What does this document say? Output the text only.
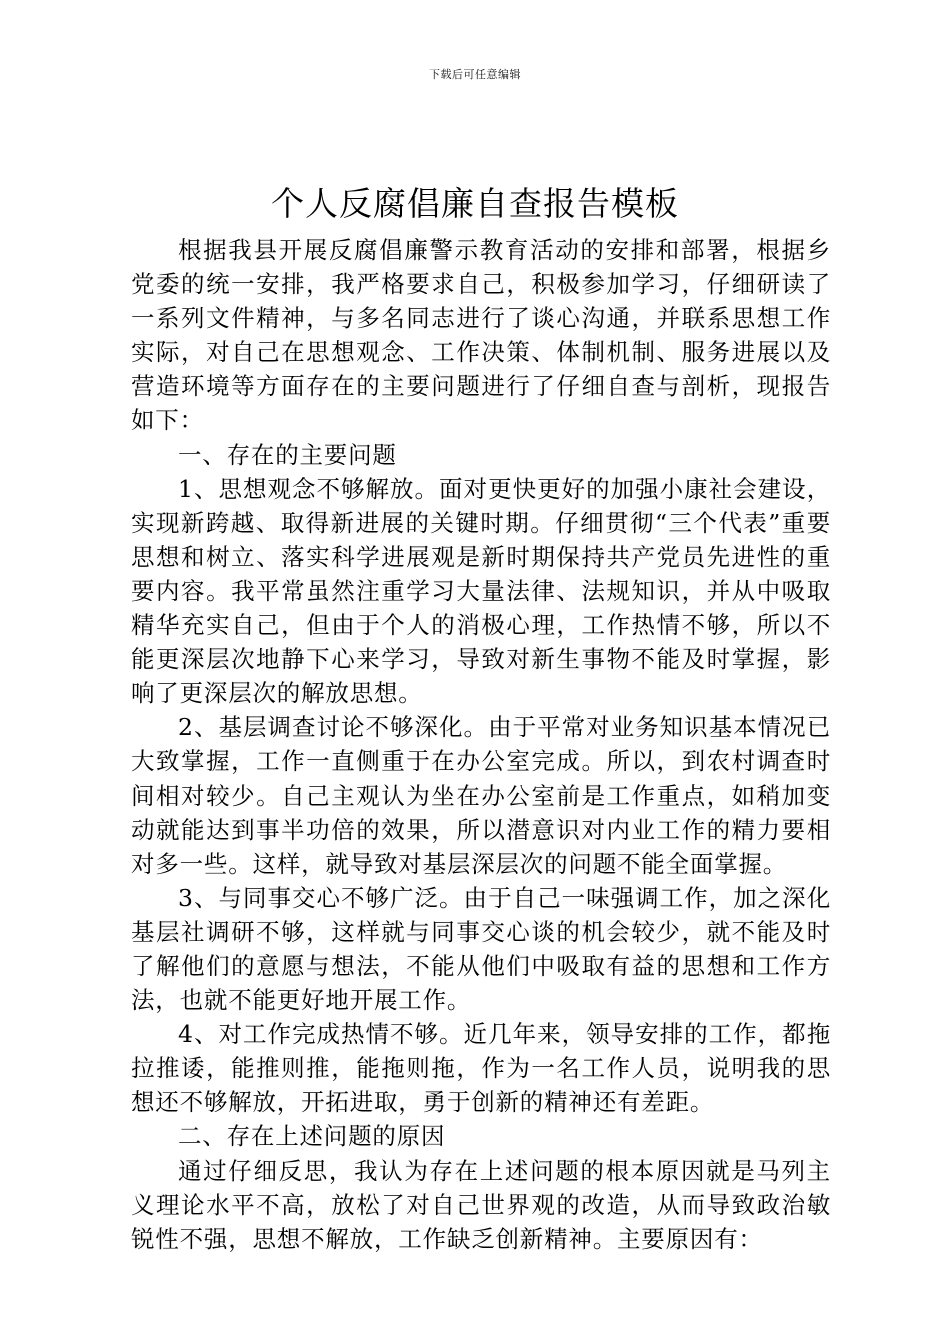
下载后可任意编辑
个人反腐倡廉自查报告模板

根据我县开展反腐倡廉警示教育活动的安排和部署，根据乡党委的统一安排，我严格要求自己，积极参加学习，仔细研读了一系列文件精神，与多名同志进行了谈心沟通，并联系思想工作实际，对自己在思想观念、工作决策、体制机制、服务进展以及营造环境等方面存在的主要问题进行了仔细自查与剖析，现报告如下：

一、存在的主要问题

1、思想观念不够解放。面对更快更好的加强小康社会建设，实现新跨越、取得新进展的关键时期。仔细贯彻“三个代表”重要思想和树立、落实科学进展观是新时期保持共产党员先进性的重要内容。我平常虽然注重学习大量法律、法规知识，并从中吸取精华充实自己，但由于个人的消极心理，工作热情不够，所以不能更深层次地静下心来学习，导致对新生事物不能及时掌握，影响了更深层次的解放思想。

2、基层调查讨论不够深化。由于平常对业务知识基本情况已大致掌握，工作一直侧重于在办公室完成。所以，到农村调查时间相对较少。自己主观认为坐在办公室前是工作重点，如稍加变动就能达到事半功倍的效果，所以潜意识对内业工作的精力要相对多一些。这样，就导致对基层深层次的问题不能全面掌握。

3、与同事交心不够广泛。由于自己一味强调工作，加之深化基层社调研不够，这样就与同事交心谈的机会较少，就不能及时了解他们的意愿与想法，不能从他们中吸取有益的思想和工作方法，也就不能更好地开展工作。

4、对工作完成热情不够。近几年来，领导安排的工作，都拖拉推诿，能推则推，能拖则拖，作为一名工作人员，说明我的思想还不够解放，开拓进取，勇于创新的精神还有差距。

二、存在上述问题的原因

通过仔细反思，我认为存在上述问题的根本原因就是马列主义理论水平不高，放松了对自己世界观的改造，从而导致政治敏锐性不强，思想不解放，工作缺乏创新精神。主要原因有：
